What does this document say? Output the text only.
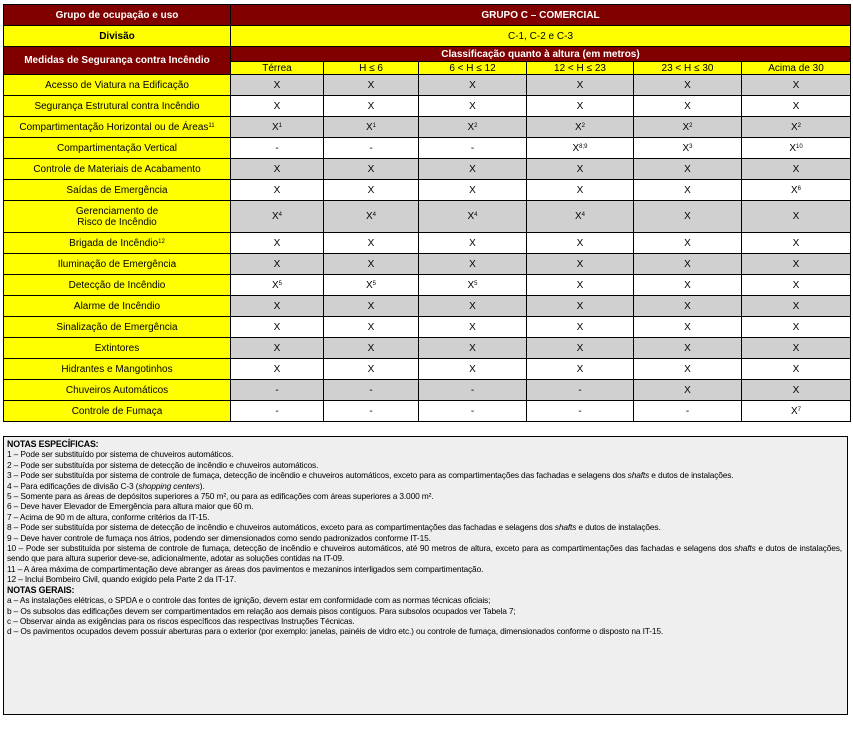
Grupo de ocupação e uso	GRUPO C – COMERCIAL					
Divisão	C-1, C-2 e C-3					
Medidas de Segurança contra Incêndio	Classificação quanto à altura (em metros)					
	Térrea	H ≤ 6	6 < H ≤ 12	12 < H ≤ 23	23 < H ≤ 30	Acima de 30
Acesso de Viatura na Edificação	X	X	X	X	X	X
Segurança Estrutural contra Incêndio	X	X	X	X	X	X
Compartimentação Horizontal ou de Áreas$^{11}$	$X^1$	$X^1$	$X^2$	$X^2$	$X^2$	$X^2$
Compartimentação Vertical	-	-	-	$X^{8;9}$	$X^3$	$X^{10}$
Controle de Materiais de Acabamento	X	X	X	X	X	X
Saídas de Emergência	X	X	X	X	X	$X^6$
Gerenciamento de Risco de Incêndio	$X^4$	$X^4$	$X^4$	$X^4$	X	X
Brigada de Incêndio$^{12}$	X	X	X	X	X	X
Iluminação de Emergência	X	X	X	X	X	X
Detecção de Incêndio	$X^5$	$X^5$	$X^5$	X	X	X
Alarme de Incêndio	X	X	X	X	X	X
Sinalização de Emergência	X	X	X	X	X	X
Extintores	X	X	X	X	X	X
Hidrantes e Mangotinhos	X	X	X	X	X	X
Chuveiros Automáticos	-	-	-	-	X	X
Controle de Fumaça	-	-	-	-	-	$X^7$
NOTAS ESPECÍFICAS:
1 – Pode ser substituído por sistema de chuveiros automáticos.
2 – Pode ser substituída por sistema de detecção de incêndio e chuveiros automáticos.
3 – Pode ser substituída por sistema de controle de fumaça, detecção de incêndio e chuveiros automáticos, exceto para as compartimentações das fachadas e selagens dos shafts e dutos de instalações.
4 – Para edificações de divisão C-3 (shopping centers).
5 – Somente para as áreas de depósitos superiores a 750 m², ou para as edificações com áreas superiores a 3.000 m².
6 – Deve haver Elevador de Emergência para altura maior que 60 m.
7 – Acima de 90 m de altura, conforme critérios da IT-15.
8 – Pode ser substituída por sistema de detecção de incêndio e chuveiros automáticos, exceto para as compartimentações das fachadas e selagens dos shafts e dutos de instalações.
9 – Deve haver controle de fumaça nos átrios, podendo ser dimensionados como sendo padronizados conforme IT-15.
10 – Pode ser substituída por sistema de controle de fumaça, detecção de incêndio e chuveiros automáticos, até 90 metros de altura, exceto para as compartimentações das fachadas e selagens dos shafts e dutos de instalações, sendo que para altura superior deve-se, adicionalmente, adotar as soluções contidas na IT-09.
11 – A área máxima de compartimentação deve abranger as áreas dos pavimentos e mezaninos interligados sem compartimentação.
12 – Inclui Bombeiro Civil, quando exigido pela Parte 2 da IT-17.
NOTAS GERAIS:
a – As instalações elétricas, o SPDA e o controle das fontes de ignição, devem estar em conformidade com as normas técnicas oficiais;
b – Os subsolos das edificações devem ser compartimentados em relação aos demais pisos contíguos. Para subsolos ocupados ver Tabela 7;
c – Observar ainda as exigências para os riscos específicos das respectivas Instruções Técnicas.
d – Os pavimentos ocupados devem possuir aberturas para o exterior (por exemplo: janelas, painéis de vidro etc.) ou controle de fumaça, dimensionados conforme o disposto na IT-15.
